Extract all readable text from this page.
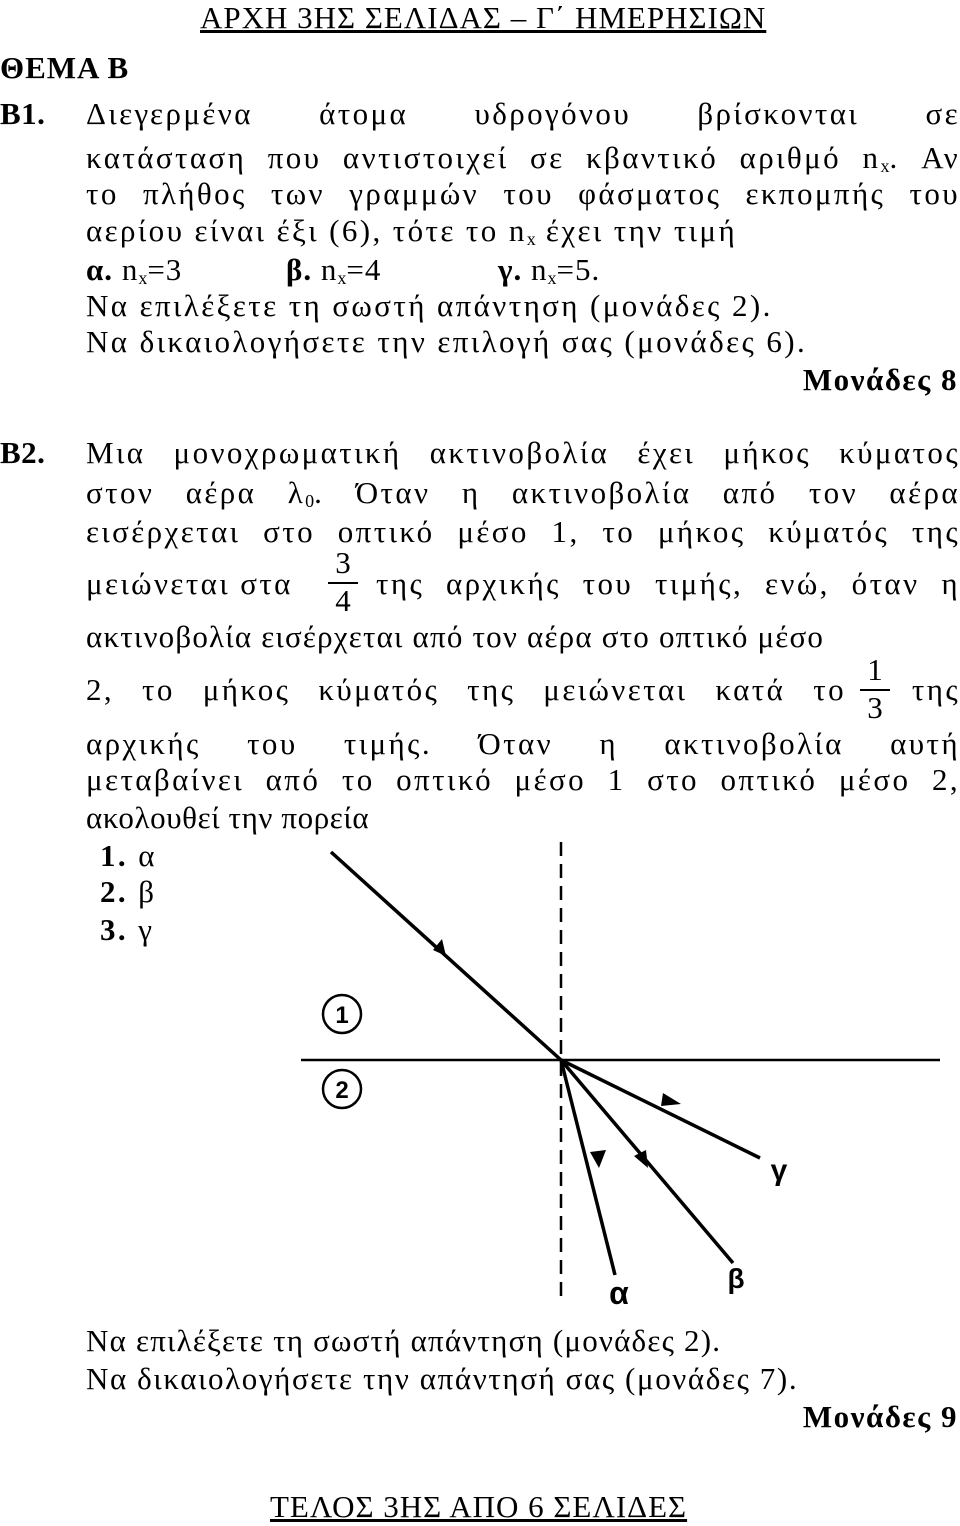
ΑΡΧΗ 3ΗΣ ΣΕΛΙΔΑΣ – Γ΄ ΗΜΕΡΗΣΙΩΝ
ΤΕΛΟΣ 3ΗΣ ΑΠΟ 6 ΣΕΛΙΔΕΣ
ΘΕΜΑ Β
Β1. Διεγερμένα άτομα υδρογόνου βρίσκονται σε
κατάσταση που αντιστοιχεί σε κβαντικό αριθμό $n_x$. Αν
το πλήθος των γραμμών του φάσματος εκπομπής του
αερίου είναι έξι (6), τότε το $n_x$ έχει την τιμή
α. $n_x=3$	β. $n_x=4$	γ. $n_x=5$.
Να επιλέξετε τη σωστή απάντηση (μονάδες 2).
Να δικαιολογήσετε την επιλογή σας (μονάδες 6).
Μονάδες 8
Β2. Μια μονοχρωματική ακτινοβολία έχει μήκος κύματος
στον αέρα $\lambda_0$. Όταν η ακτινοβολία από τον αέρα
εισέρχεται στο οπτικό μέσο 1, το μήκος κύματός της
μειώνεται στα
3
4 της αρχικής του τιμής, ενώ, όταν η
ακτινοβολία εισέρχεται από τον αέρα στο οπτικό μέσο
2, το μήκος κύματός της μειώνεται κατά το
1
3
της
αρχικής του τιμής. Όταν η ακτινοβολία αυτή
μεταβαίνει από το οπτικό μέσο 1 στο οπτικό μέσο 2,
ακολουθεί την πορεία
1. α
2. β
3. γ
1
2
α	β
γ
Να επιλέξετε τη σωστή απάντηση (μονάδες 2).
Να δικαιολογήσετε την απάντησή σας (μονάδες 7).
Μονάδες 9
